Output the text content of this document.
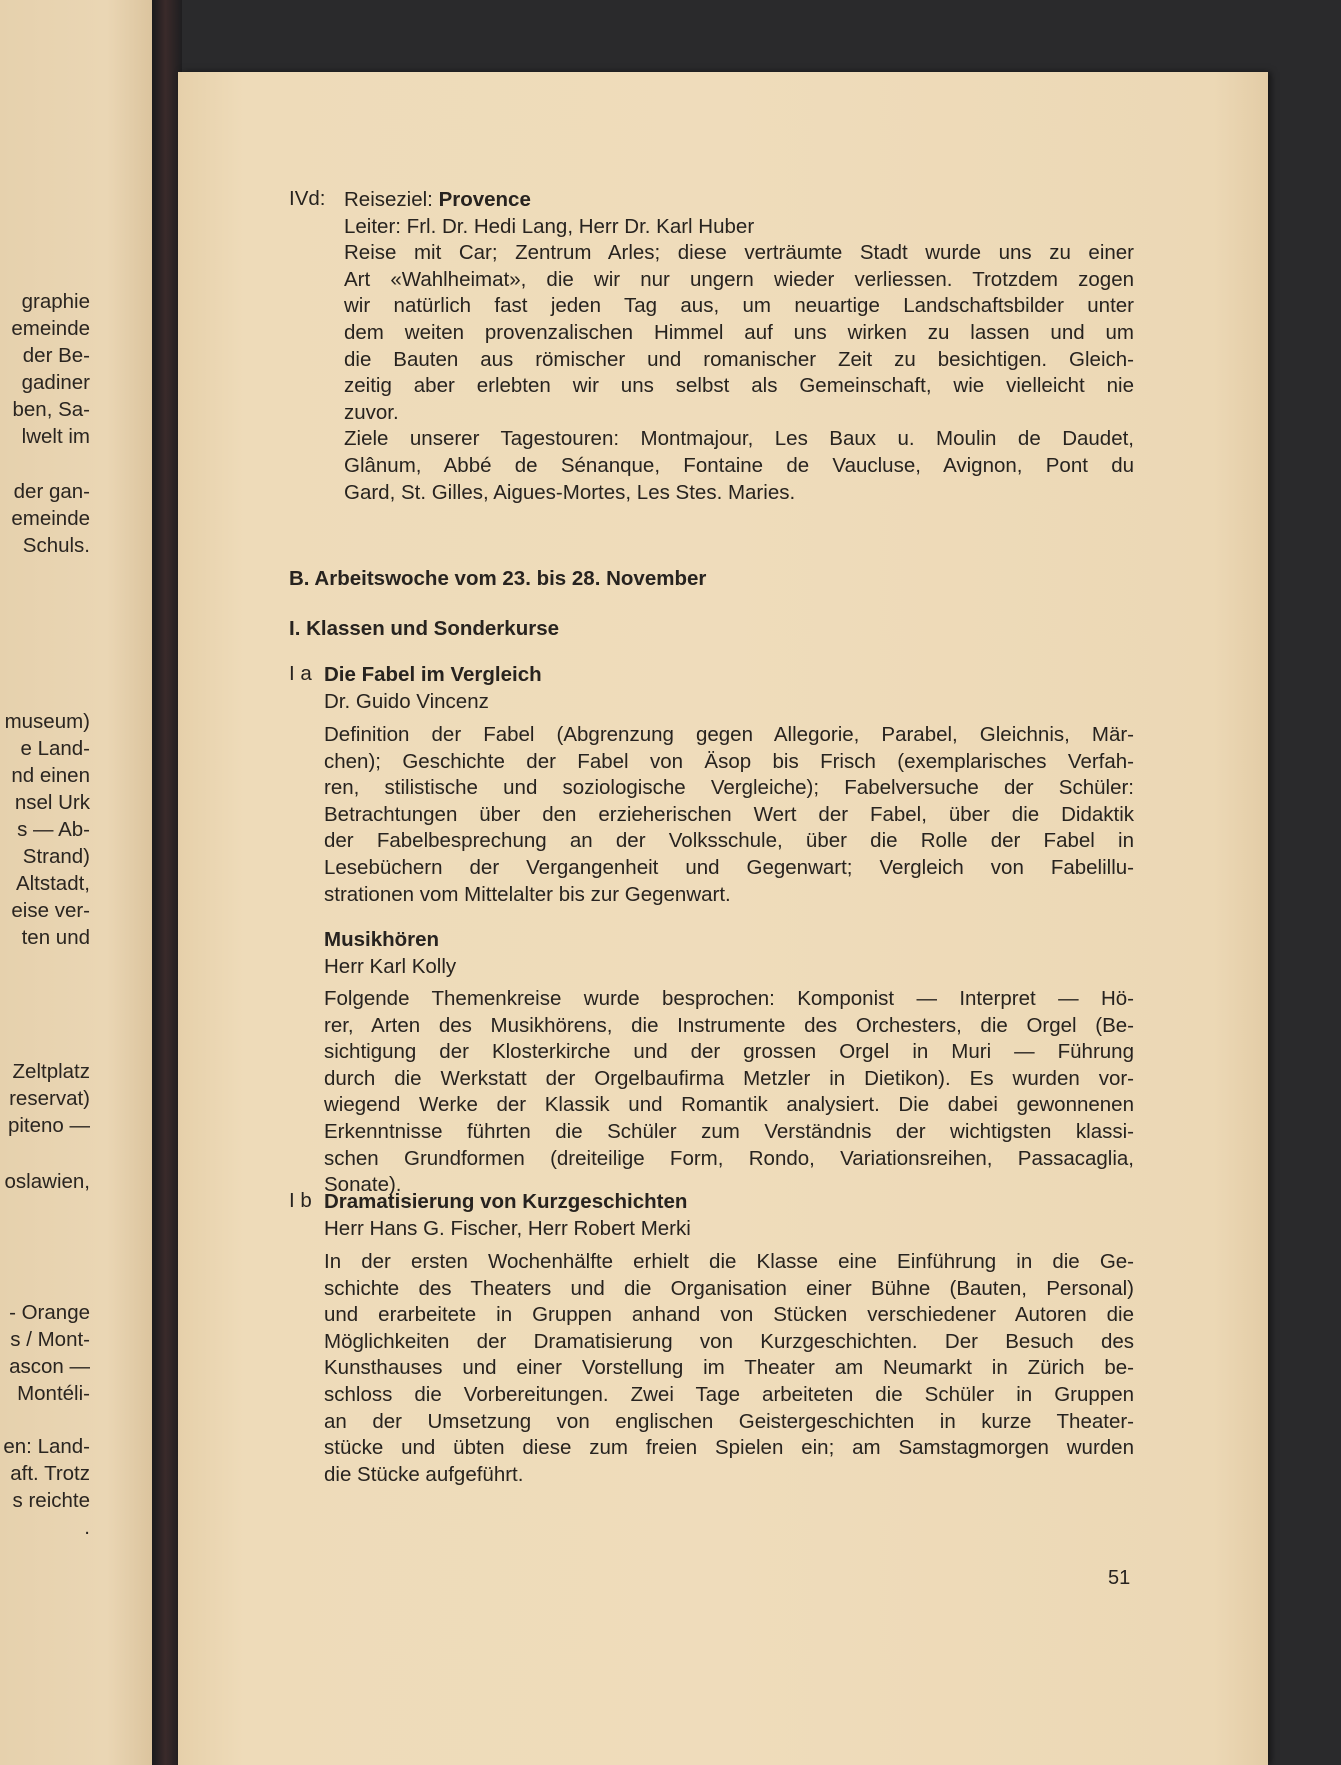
graphie
emeinde
der Be-
gadiner
ben, Sa-
lwelt im
der gan-
emeinde
Schuls.
museum)
e Land-
nd einen
nsel Urk
s — Ab-
Strand)
Altstadt,
eise ver-
ten und
Zeltplatz
reservat)
piteno —
oslawien,
- Orange
s / Mont-
ascon —
Montéli-
en: Land-
aft. Trotz
s reichte
.
IVd: Reiseziel: Provence
Leiter: Frl. Dr. Hedi Lang, Herr Dr. Karl Huber
Reise mit Car; Zentrum Arles; diese verträumte Stadt wurde uns zu einer
Art «Wahlheimat», die wir nur ungern wieder verliessen. Trotzdem zogen
wir natürlich fast jeden Tag aus, um neuartige Landschaftsbilder unter
dem weiten provenzalischen Himmel auf uns wirken zu lassen und um
die Bauten aus römischer und romanischer Zeit zu besichtigen. Gleich-
zeitig aber erlebten wir uns selbst als Gemeinschaft, wie vielleicht nie
zuvor.
Ziele unserer Tagestouren: Montmajour, Les Baux u. Moulin de Daudet,
Glânum, Abbé de Sénanque, Fontaine de Vaucluse, Avignon, Pont du
Gard, St. Gilles, Aigues-Mortes, Les Stes. Maries.
B. Arbeitswoche vom 23. bis 28. November
I. Klassen und Sonderkurse
I a Die Fabel im Vergleich
Dr. Guido Vincenz
Definition der Fabel (Abgrenzung gegen Allegorie, Parabel, Gleichnis, Mär-
chen); Geschichte der Fabel von Äsop bis Frisch (exemplarisches Verfah-
ren, stilistische und soziologische Vergleiche); Fabelversuche der Schüler:
Betrachtungen über den erzieherischen Wert der Fabel, über die Didaktik
der Fabelbesprechung an der Volksschule, über die Rolle der Fabel in
Lesebüchern der Vergangenheit und Gegenwart; Vergleich von Fabelillu-
strationen vom Mittelalter bis zur Gegenwart.
Musikhören
Herr Karl Kolly
Folgende Themenkreise wurde besprochen: Komponist — Interpret — Hö-
rer, Arten des Musikhörens, die Instrumente des Orchesters, die Orgel (Be-
sichtigung der Klosterkirche und der grossen Orgel in Muri — Führung
durch die Werkstatt der Orgelbaufirma Metzler in Dietikon). Es wurden vor-
wiegend Werke der Klassik und Romantik analysiert. Die dabei gewonnenen
Erkenntnisse führten die Schüler zum Verständnis der wichtigsten klassi-
schen Grundformen (dreiteilige Form, Rondo, Variationsreihen, Passacaglia,
Sonate).
I b Dramatisierung von Kurzgeschichten
Herr Hans G. Fischer, Herr Robert Merki
In der ersten Wochenhälfte erhielt die Klasse eine Einführung in die Ge-
schichte des Theaters und die Organisation einer Bühne (Bauten, Personal)
und erarbeitete in Gruppen anhand von Stücken verschiedener Autoren die
Möglichkeiten der Dramatisierung von Kurzgeschichten. Der Besuch des
Kunsthauses und einer Vorstellung im Theater am Neumarkt in Zürich be-
schloss die Vorbereitungen. Zwei Tage arbeiteten die Schüler in Gruppen
an der Umsetzung von englischen Geistergeschichten in kurze Theater-
stücke und übten diese zum freien Spielen ein; am Samstagmorgen wurden
die Stücke aufgeführt.
51
